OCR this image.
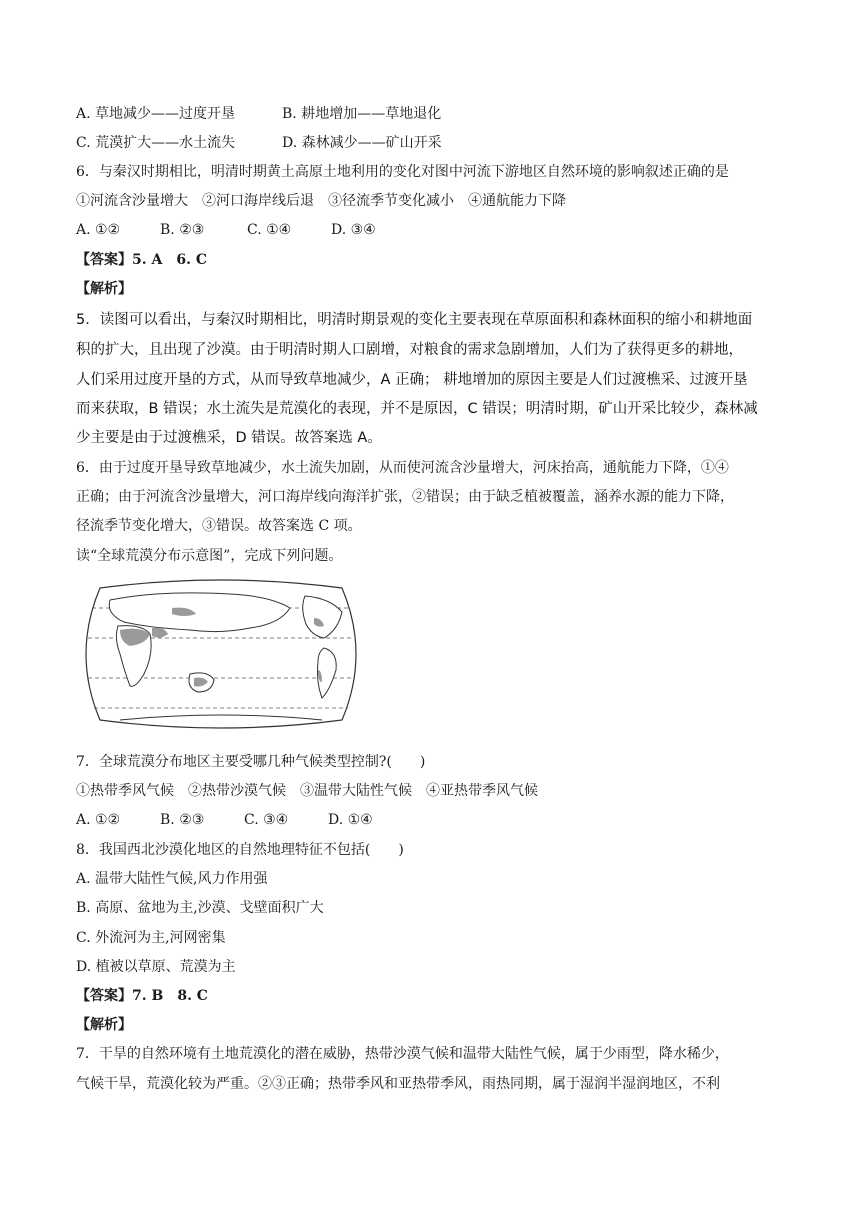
A. 草地减少——过度开垦	B. 耕地增加——草地退化
C. 荒漠扩大——水土流失	D. 森林减少——矿山开采
6．与秦汉时期相比，明清时期黄土高原土地利用的变化对图中河流下游地区自然环境的影响叙述正确的是
①河流含沙量增大　②河口海岸线后退　③径流季节变化减小　④通航能力下降
A. ①②	B. ②③	C. ①④	D. ③④
【答案】5. A　6. C
【解析】
5．读图可以看出，与秦汉时期相比，明清时期景观的变化主要表现在草原面积和森林面积的缩小和耕地面
积的扩大，且出现了沙漠。由于明清时期人口剧增，对粮食的需求急剧增加，人们为了获得更多的耕地，
人们采用过度开垦的方式，从而导致草地减少，A 正确； 耕地增加的原因主要是人们过渡樵采、过渡开垦
而来获取，B 错误；水土流失是荒漠化的表现，并不是原因，C 错误；明清时期，矿山开采比较少，森林减
少主要是由于过渡樵采，D 错误。故答案选 A。
6．由于过度开垦导致草地减少，水土流失加剧，从而使河流含沙量增大，河床抬高，通航能力下降，①④
正确；由于河流含沙量增大，河口海岸线向海洋扩张，②错误；由于缺乏植被覆盖，涵养水源的能力下降，
径流季节变化增大，③错误。故答案选 C 项。
读“全球荒漠分布示意图”，完成下列问题。
7．全球荒漠分布地区主要受哪几种气候类型控制?(　　)
①热带季风气候　②热带沙漠气候　③温带大陆性气候　④亚热带季风气候
A. ①②	B. ②③	C. ③④	D. ①④
8．我国西北沙漠化地区的自然地理特征不包括(　　)
A. 温带大陆性气候,风力作用强
B. 高原、盆地为主,沙漠、戈壁面积广大
C. 外流河为主,河网密集
D. 植被以草原、荒漠为主
【答案】7. B　8. C
【解析】
7．干旱的自然环境有土地荒漠化的潜在威胁，热带沙漠气候和温带大陆性气候，属于少雨型，降水稀少，
气候干旱，荒漠化较为严重。②③正确；热带季风和亚热带季风，雨热同期，属于湿润半湿润地区，不利
